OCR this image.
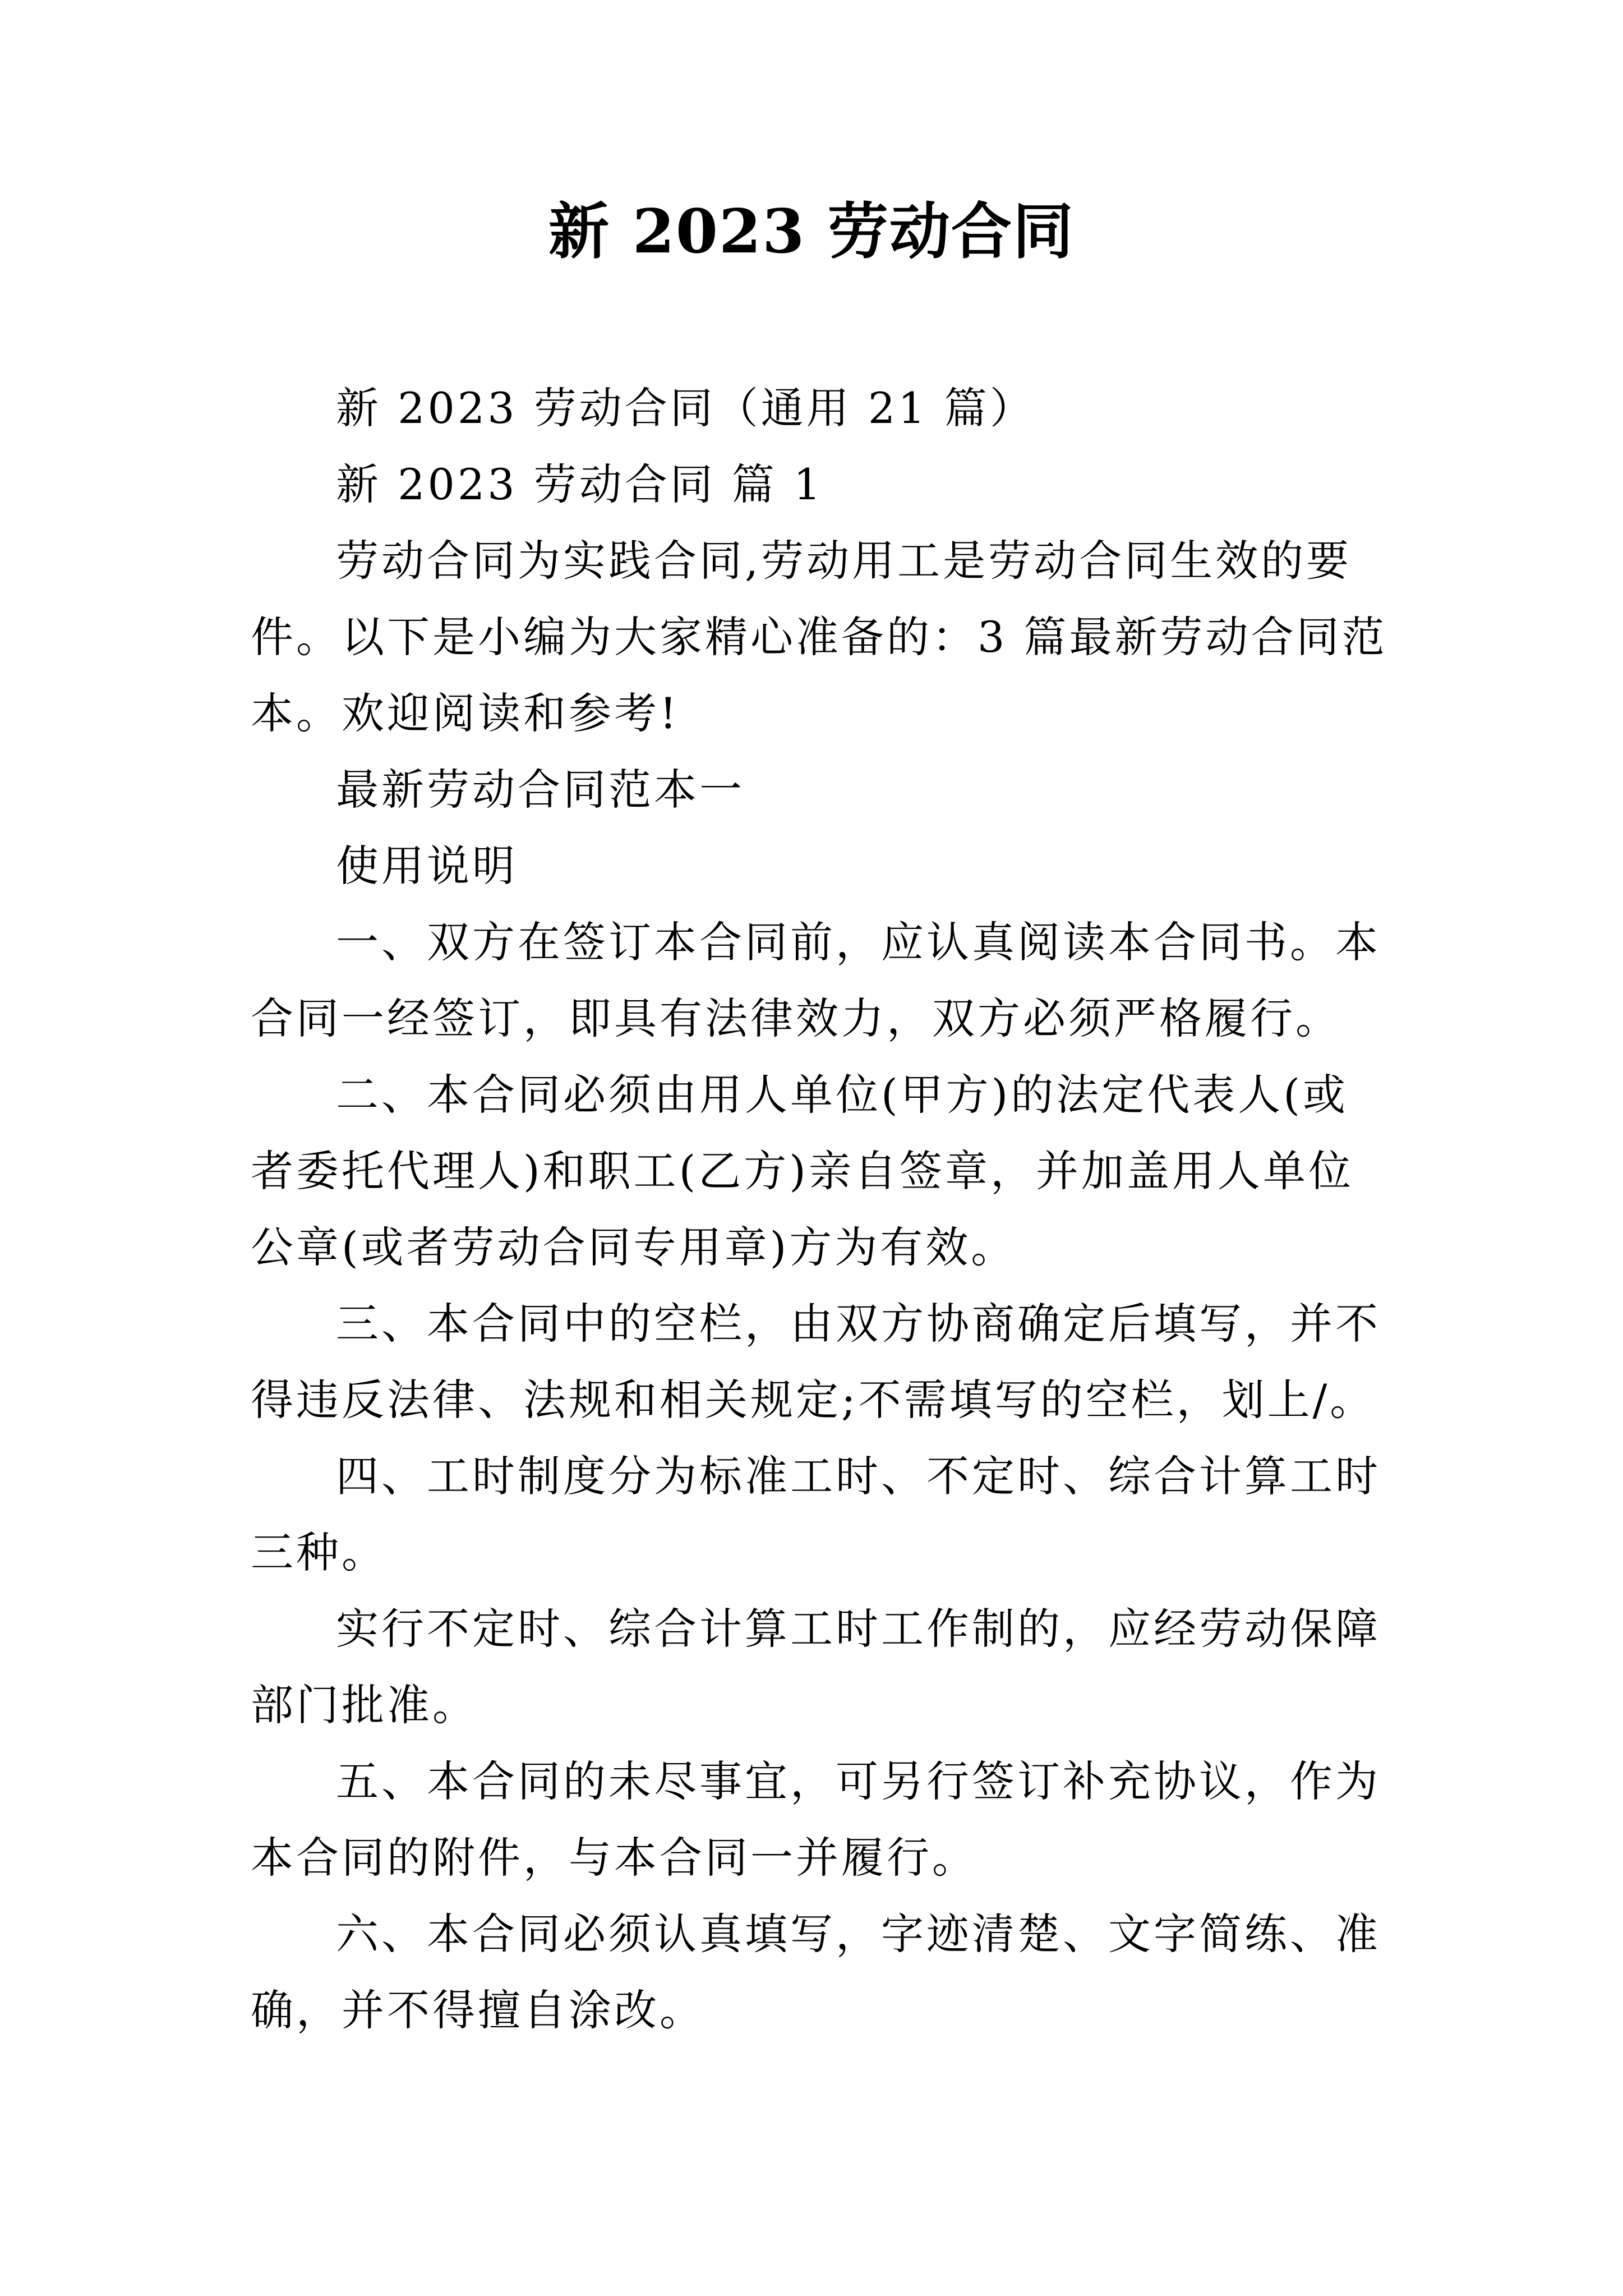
新 2023 劳动合同

新 2023 劳动合同（通用 21 篇）

新 2023 劳动合同 篇 1

劳动合同为实践合同,劳动用工是劳动合同生效的要件。以下是小编为大家精心准备的：3 篇最新劳动合同范本。欢迎阅读和参考!

最新劳动合同范本一

使用说明

一、双方在签订本合同前，应认真阅读本合同书。本合同一经签订，即具有法律效力，双方必须严格履行。

二、本合同必须由用人单位(甲方)的法定代表人(或者委托代理人)和职工(乙方)亲自签章，并加盖用人单位公章(或者劳动合同专用章)方为有效。

三、本合同中的空栏，由双方协商确定后填写，并不得违反法律、法规和相关规定;不需填写的空栏，划上/。

四、工时制度分为标准工时、不定时、综合计算工时三种。

实行不定时、综合计算工时工作制的，应经劳动保障部门批准。

五、本合同的未尽事宜，可另行签订补充协议，作为本合同的附件，与本合同一并履行。

六、本合同必须认真填写，字迹清楚、文字简练、准确，并不得擅自涂改。
